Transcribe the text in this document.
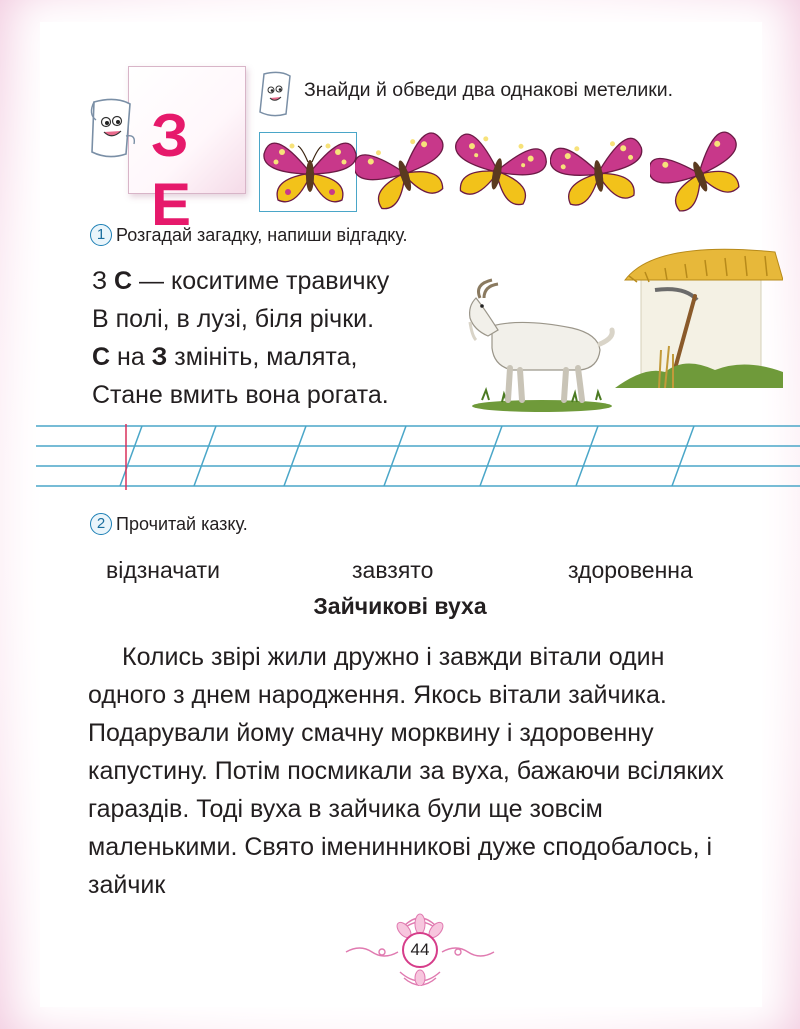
З Е
Знайди й обведи два однакові метелики.
1 Розгадай загадку, напиши відгадку.
З С — коситиме травичку
В полі, в лузі, біля річки.
С на З змініть, малята,
Стане вмить вона рогата.
2 Прочитай казку.
відзначати	завзято	здоровенна
Зайчикові вуха

Колись звірі жили дружно і завжди вітали один одного з днем народження. Якось вітали зайчика. Подарували йому смачну морквину і здоровенну капустину. Потім посмикали за вуха, бажаючи всіляких гараздів. Тоді вуха в зайчика були ще зовсім маленькими. Свято іменинникові дуже сподобалось, і зайчик

44
